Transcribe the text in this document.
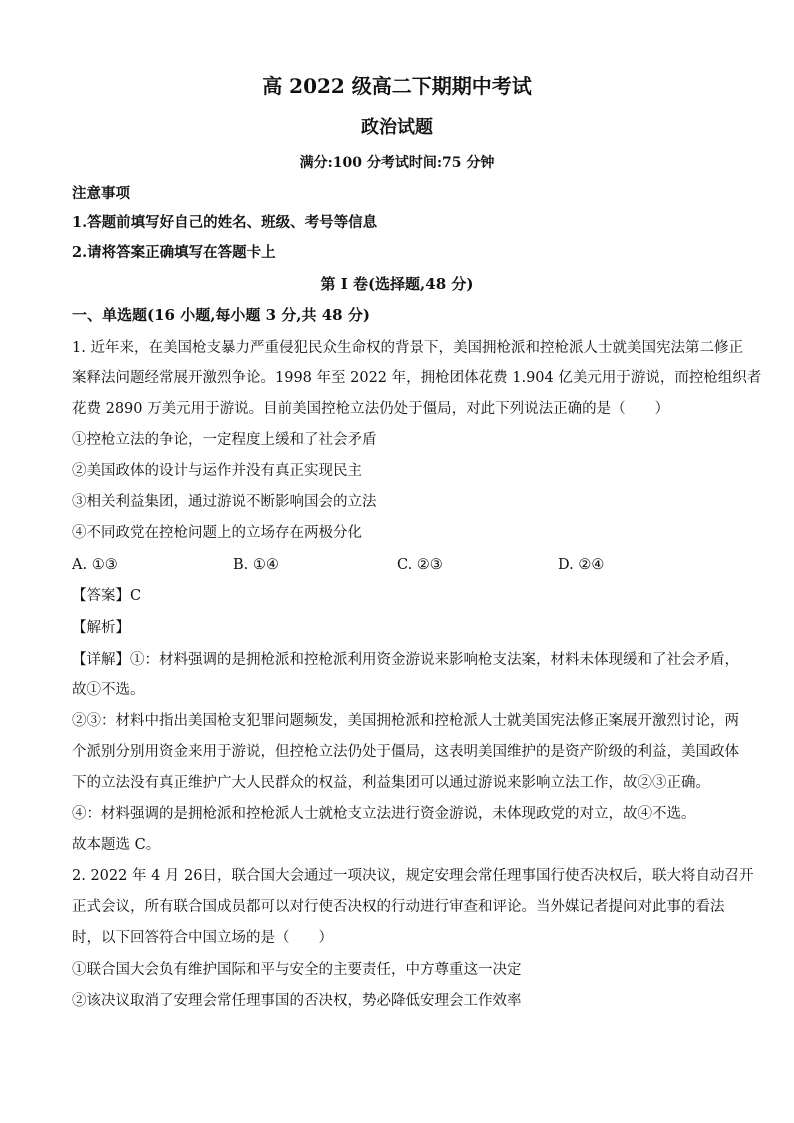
高 2022 级高二下期期中考试
政治试题
满分:100 分考试时间:75 分钟
注意事项
1.答题前填写好自己的姓名、班级、考号等信息
2.请将答案正确填写在答题卡上
第 I 卷(选择题,48 分)
一、单选题(16 小题,每小题 3 分,共 48 分)
1. 近年来，在美国枪支暴力严重侵犯民众生命权的背景下，美国拥枪派和控枪派人士就美国宪法第二修正
案释法问题经常展开激烈争论。1998 年至 2022 年，拥枪团体花费 1.904 亿美元用于游说，而控枪组织者
花费 2890 万美元用于游说。目前美国控枪立法仍处于僵局，对此下列说法正确的是（　　）
①控枪立法的争论，一定程度上缓和了社会矛盾
②美国政体的设计与运作并没有真正实现民主
③相关利益集团，通过游说不断影响国会的立法
④不同政党在控枪问题上的立场存在两极分化
A. ①③	B. ①④	C. ②③	D. ②④
【答案】C
【解析】
【详解】①：材料强调的是拥枪派和控枪派利用资金游说来影响枪支法案，材料未体现缓和了社会矛盾，
故①不选。
②③：材料中指出美国枪支犯罪问题频发，美国拥枪派和控枪派人士就美国宪法修正案展开激烈讨论，两
个派别分别用资金来用于游说，但控枪立法仍处于僵局，这表明美国维护的是资产阶级的利益，美国政体
下的立法没有真正维护广大人民群众的权益，利益集团可以通过游说来影响立法工作，故②③正确。
④：材料强调的是拥枪派和控枪派人士就枪支立法进行资金游说，未体现政党的对立，故④不选。
故本题选 C。
2. 2022 年 4 月 26日，联合国大会通过一项决议，规定安理会常任理事国行使否决权后，联大将自动召开
正式会议，所有联合国成员都可以对行使否决权的行动进行审查和评论。当外媒记者提问对此事的看法
时，以下回答符合中国立场的是（　　）
①联合国大会负有维护国际和平与安全的主要责任，中方尊重这一决定
②该决议取消了安理会常任理事国的否决权，势必降低安理会工作效率
